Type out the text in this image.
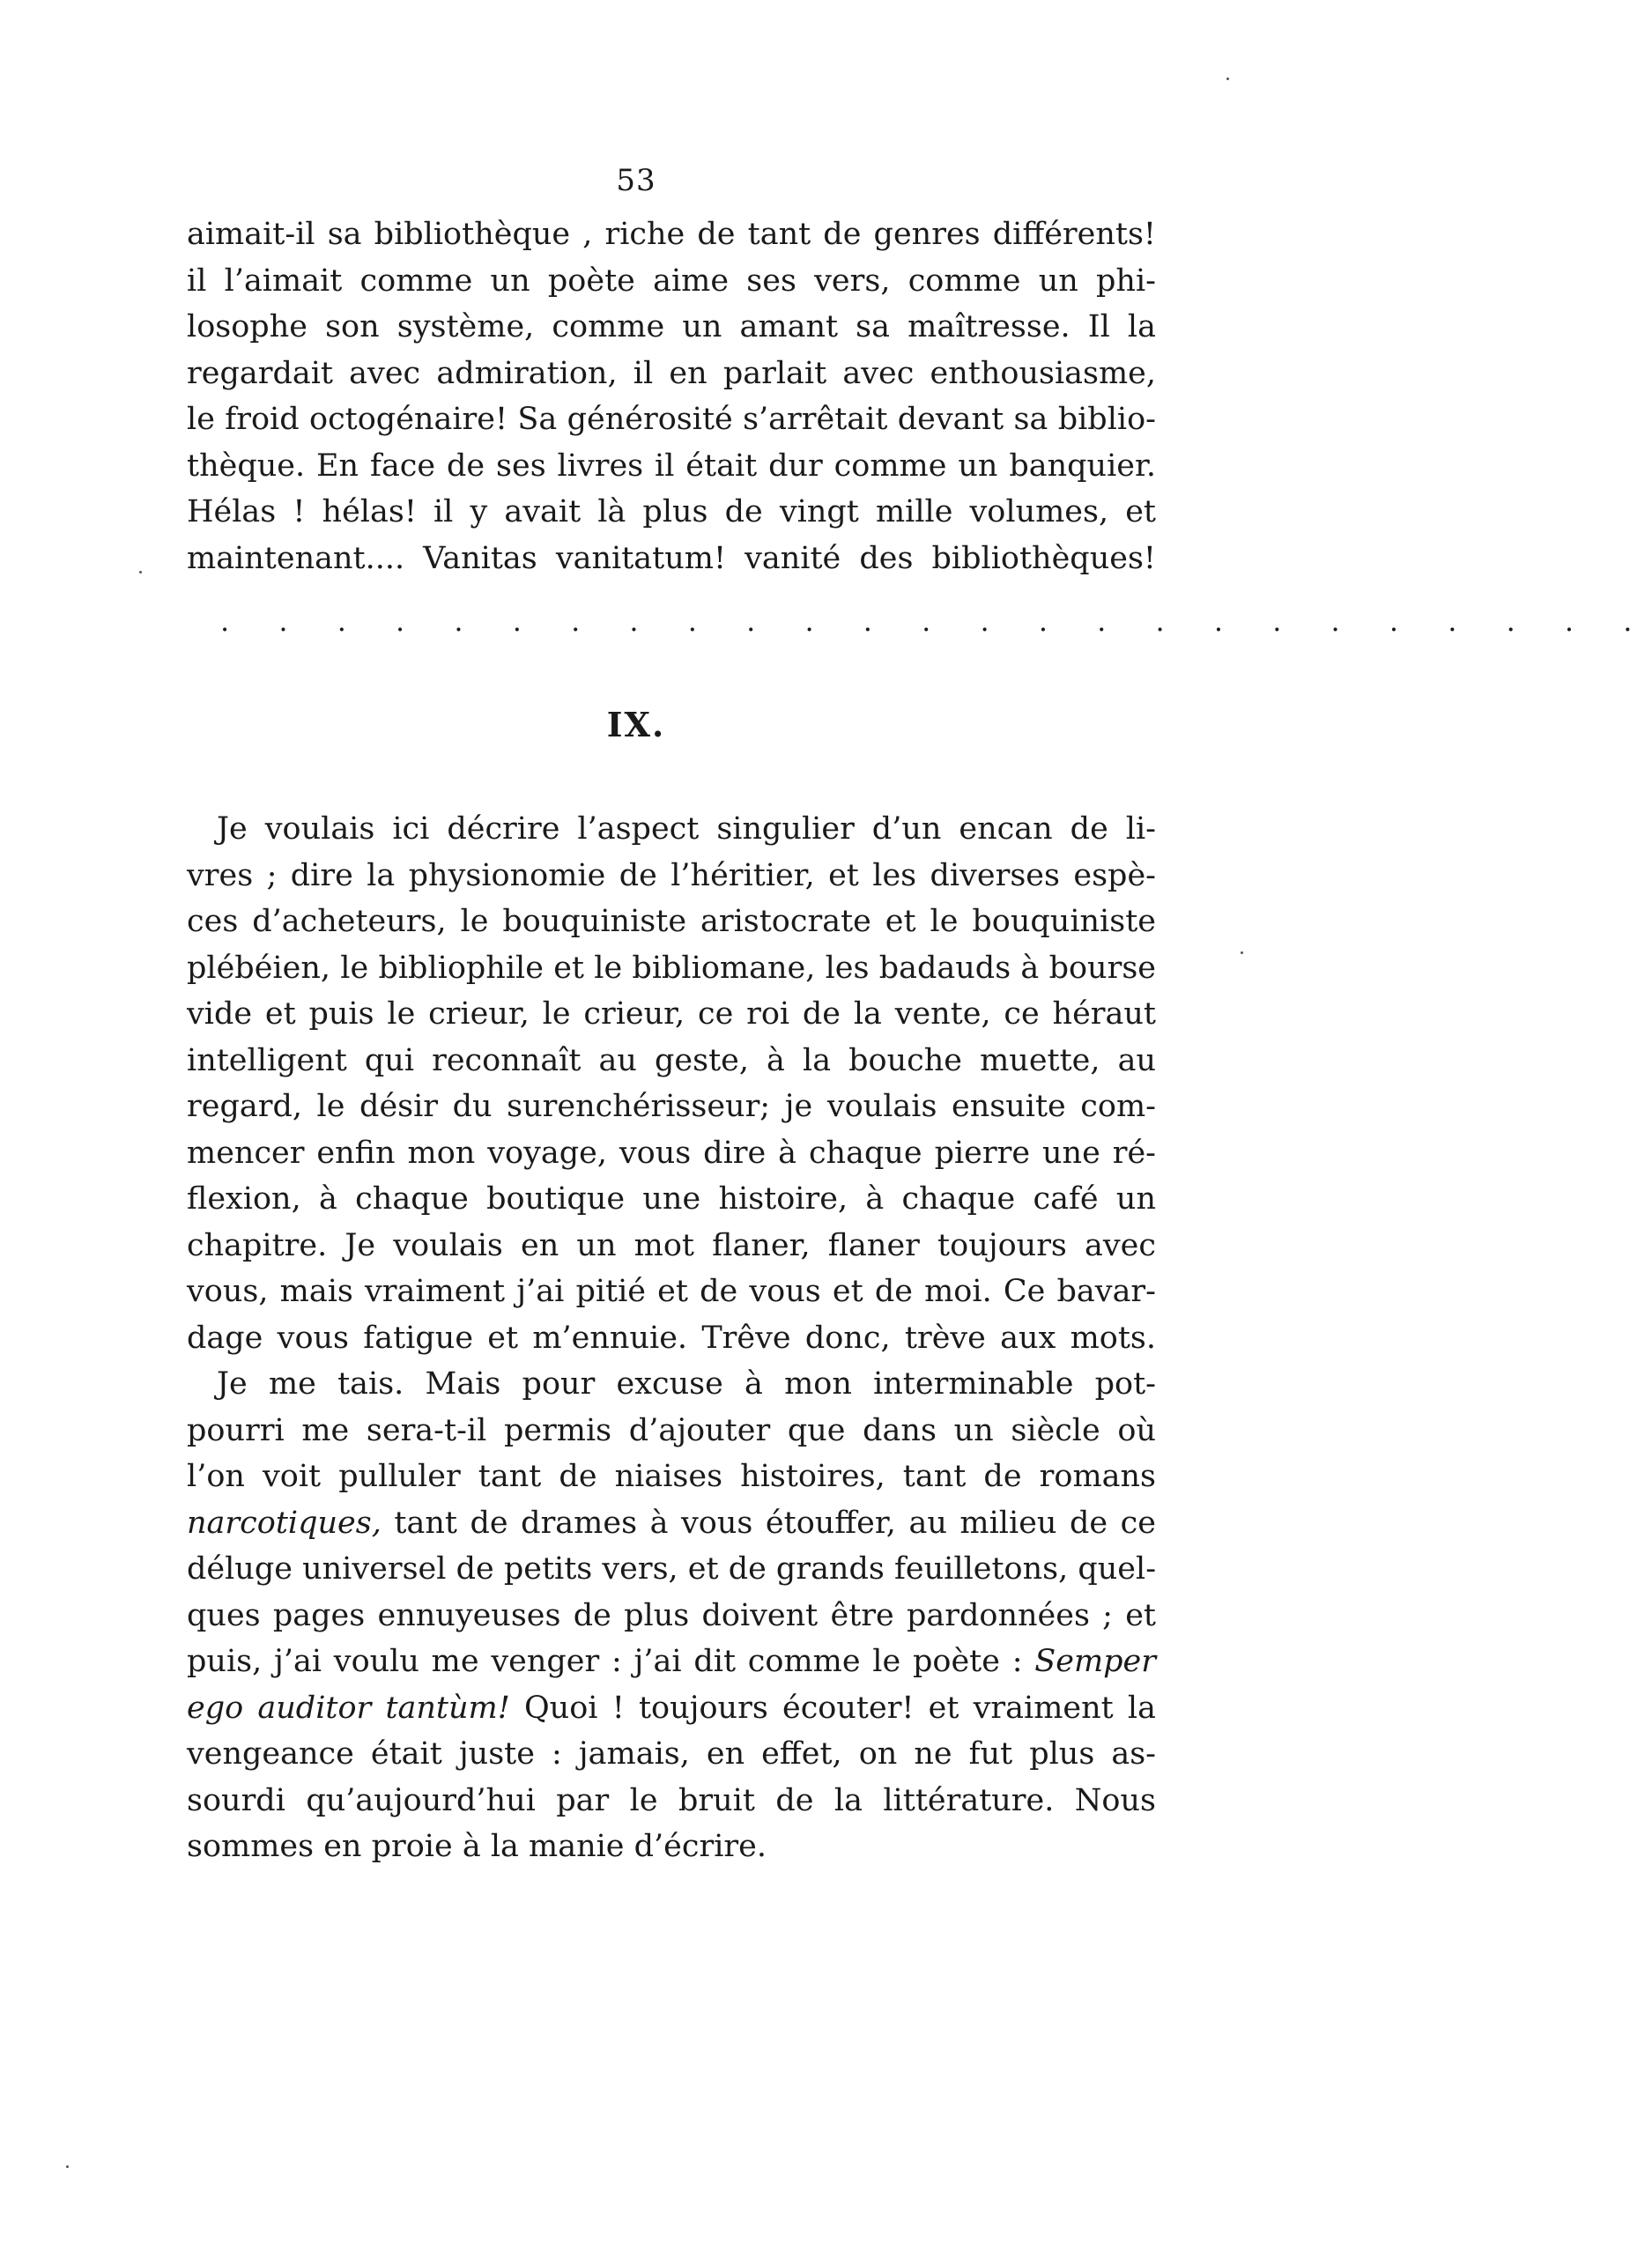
53
aimait-il sa bibliothèque , riche de tant de genres différents!
il l’aimait comme un poète aime ses vers, comme un phi-
losophe son système, comme un amant sa maîtresse. Il la
regardait avec admiration, il en parlait avec enthousiasme,
le froid octogénaire! Sa générosité s’arrêtait devant sa biblio-
thèque. En face de ses livres il était dur comme un banquier.
Hélas ! hélas! il y avait là plus de vingt mille volumes, et
maintenant.... Vanitas vanitatum! vanité des bibliothèques!
. . . . . . . . . . . . . . . . . . . . . . . . .
IX.
Je voulais ici décrire l’aspect singulier d’un encan de li-
vres ; dire la physionomie de l’héritier, et les diverses espè-
ces d’acheteurs, le bouquiniste aristocrate et le bouquiniste
plébéien, le bibliophile et le bibliomane, les badauds à bourse
vide et puis le crieur, le crieur, ce roi de la vente, ce héraut
intelligent qui reconnaît au geste, à la bouche muette, au
regard, le désir du surenchérisseur; je voulais ensuite com-
mencer enfin mon voyage, vous dire à chaque pierre une ré-
flexion, à chaque boutique une histoire, à chaque café un
chapitre. Je voulais en un mot flaner, flaner toujours avec
vous, mais vraiment j’ai pitié et de vous et de moi. Ce bavar-
dage vous fatigue et m’ennuie. Trêve donc, trève aux mots.
Je me tais. Mais pour excuse à mon interminable pot-
pourri me sera-t-il permis d’ajouter que dans un siècle où
l’on voit pulluler tant de niaises histoires, tant de romans
narcotiques, tant de drames à vous étouffer, au milieu de ce
déluge universel de petits vers, et de grands feuilletons, quel-
ques pages ennuyeuses de plus doivent être pardonnées ; et
puis, j’ai voulu me venger : j’ai dit comme le poète : Semper
ego auditor tantùm! Quoi ! toujours écouter! et vraiment la
vengeance était juste : jamais, en effet, on ne fut plus as-
sourdi qu’aujourd’hui par le bruit de la littérature. Nous
sommes en proie à la manie d’écrire.
